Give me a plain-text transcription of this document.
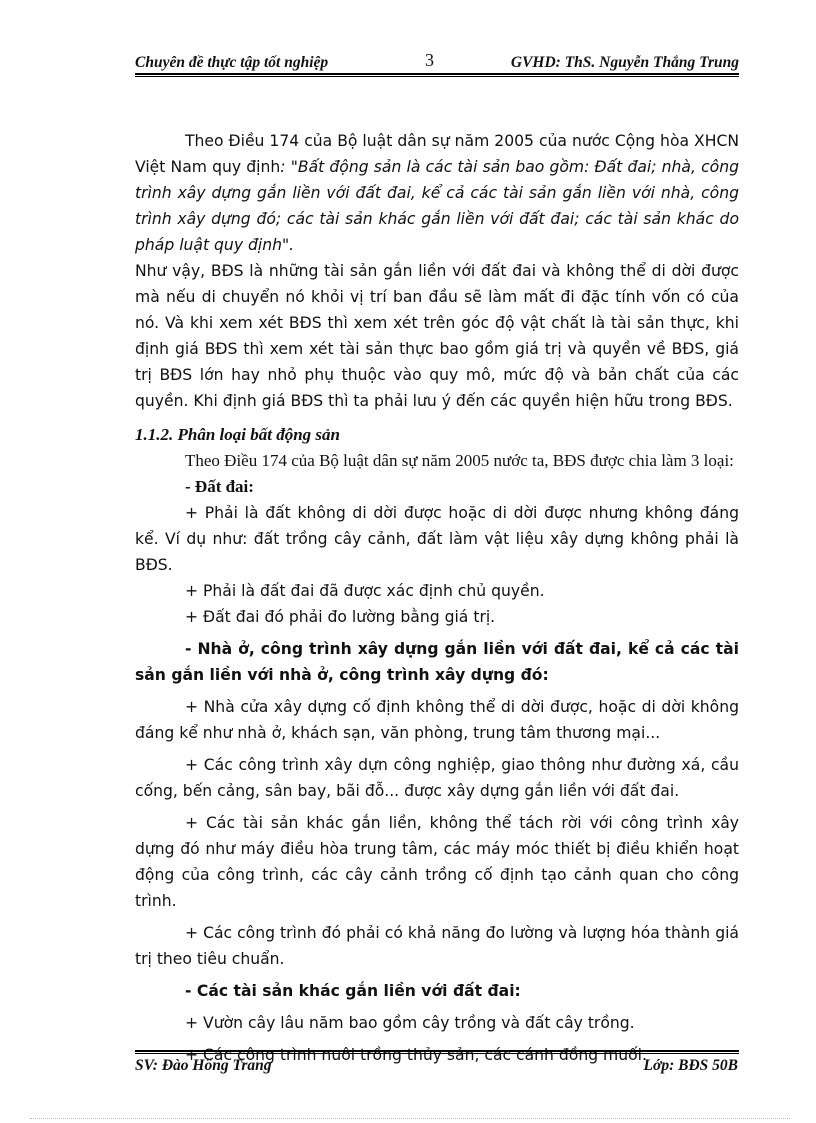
Chuyên đề thực tập tốt nghiệp	3	GVHD: ThS. Nguyễn Thắng Trung

Theo Điều 174 của Bộ luật dân sự năm 2005 của nước Cộng hòa XHCN Việt Nam quy định: "Bất động sản là các tài sản bao gồm: Đất đai; nhà, công trình xây dựng gắn liền với đất đai, kể cả các tài sản gắn liền với nhà, công trình xây dựng đó; các tài sản khác gắn liền với đất đai; các tài sản khác do pháp luật quy định".

Như vậy, BĐS là những tài sản gắn liền với đất đai và không thể di dời được mà nếu di chuyển nó khỏi vị trí ban đầu sẽ làm mất đi đặc tính vốn có của nó. Và khi xem xét BĐS thì xem xét trên góc độ vật chất là tài sản thực, khi định giá BĐS thì xem xét tài sản thực bao gồm giá trị và quyền về BĐS, giá trị BĐS lớn hay nhỏ phụ thuộc vào quy mô, mức độ và bản chất của các quyền. Khi định giá BĐS thì ta phải lưu ý đến các quyền hiện hữu trong BĐS.

1.1.2. Phân loại bất động sản

Theo Điều 174 của Bộ luật dân sự năm 2005 nước ta, BĐS được chia làm 3 loại:

- Đất đai:

+ Phải là đất không di dời được hoặc di dời được nhưng không đáng kể. Ví dụ như: đất trồng cây cảnh, đất làm vật liệu xây dựng không phải là BĐS.

+ Phải là đất đai đã được xác định chủ quyền.

+ Đất đai đó phải đo lường bằng giá trị.

- Nhà ở, công trình xây dựng gắn liền với đất đai, kể cả các tài sản gắn liền với nhà ở, công trình xây dựng đó:

+ Nhà cửa xây dựng cố định không thể di dời được, hoặc di dời không đáng kể như nhà ở, khách sạn, văn phòng, trung tâm thương mại...

+ Các công trình xây dựn công nghiệp, giao thông như đường xá, cầu cống, bến cảng, sân bay, bãi đỗ... được xây dựng gắn liền với đất đai.

+ Các tài sản khác gắn liền, không thể tách rời với công trình xây dựng đó như máy điều hòa trung tâm, các máy móc thiết bị điều khiển hoạt động của công trình, các cây cảnh trồng cố định tạo cảnh quan cho công trình.

+ Các công trình đó phải có khả năng đo lường và lượng hóa thành giá trị theo tiêu chuẩn.

- Các tài sản khác gắn liền với đất đai:

+ Vườn cây lâu năm bao gồm cây trồng và đất cây trồng.

+ Các công trình nuôi trồng thủy sản, các cánh đồng muối.

SV: Đào Hồng Trang	Lớp: BĐS 50B
